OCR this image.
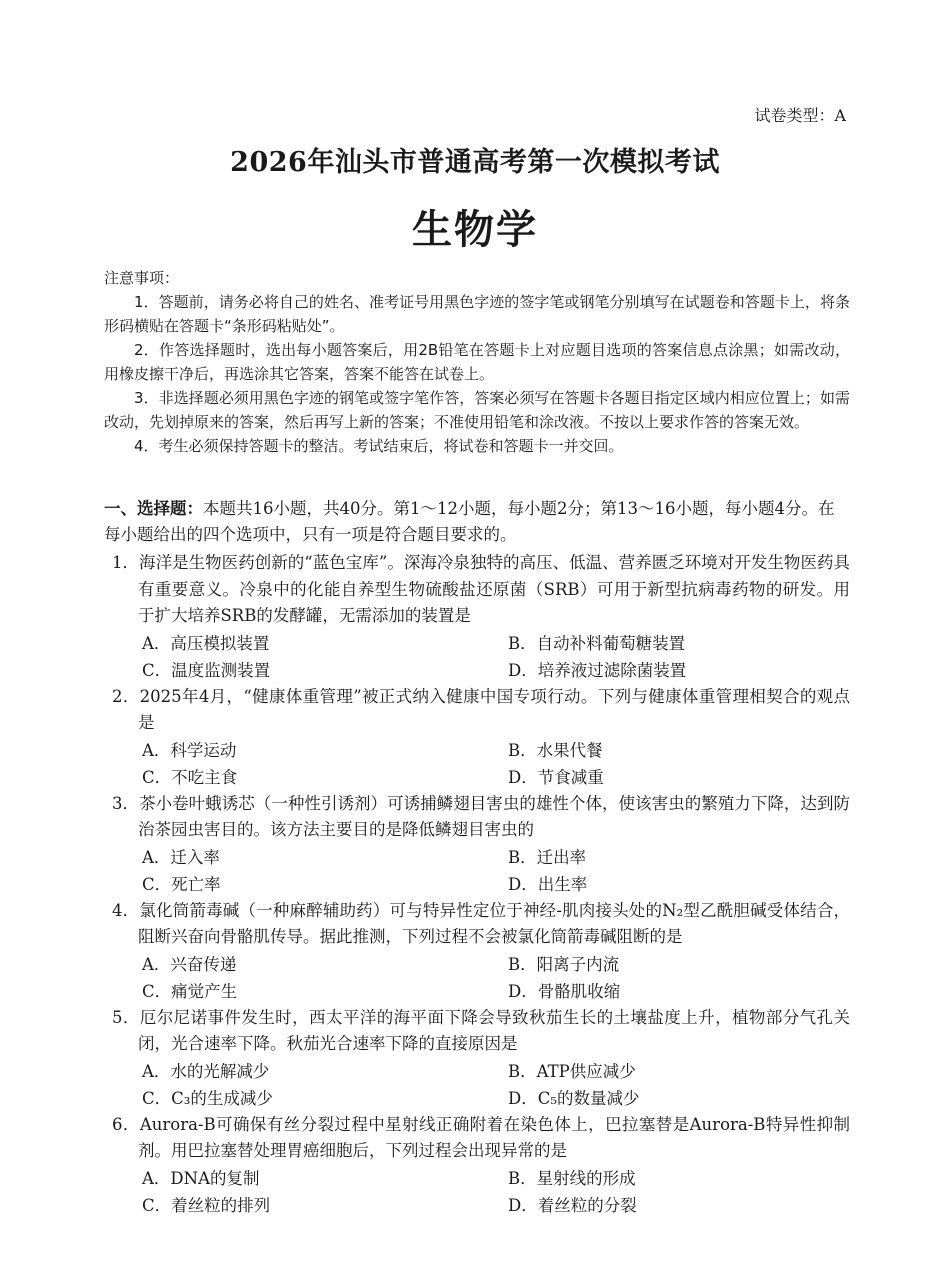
试卷类型：A
2026年汕头市普通高考第一次模拟考试
生物学
注意事项：

1．答题前，请务必将自己的姓名、准考证号用黑色字迹的签字笔或钢笔分别填写在试题卷和答题卡上，将条形码横贴在答题卡“条形码粘贴处”。

2．作答选择题时，选出每小题答案后，用2B铅笔在答题卡上对应题目选项的答案信息点涂黑；如需改动，用橡皮擦干净后，再选涂其它答案，答案不能答在试卷上。

3．非选择题必须用黑色字迹的钢笔或签字笔作答，答案必须写在答题卡各题目指定区域内相应位置上；如需改动，先划掉原来的答案，然后再写上新的答案；不准使用铅笔和涂改液。不按以上要求作答的答案无效。

4．考生必须保持答题卡的整洁。考试结束后，将试卷和答题卡一并交回。

一、选择题：本题共16小题，共40分。第1～12小题，每小题2分；第13～16小题，每小题4分。在每小题给出的四个选项中，只有一项是符合题目要求的。

1．海洋是生物医药创新的“蓝色宝库”。深海冷泉独特的高压、低温、营养匮乏环境对开发生物医药具有重要意义。冷泉中的化能自养型生物硫酸盐还原菌（SRB）可用于新型抗病毒药物的研发。用于扩大培养SRB的发酵罐，无需添加的装置是

A．高压模拟装置	B．自动补料葡萄糖装置
C．温度监测装置	D．培养液过滤除菌装置

2．2025年4月，“健康体重管理”被正式纳入健康中国专项行动。下列与健康体重管理相契合的观点是

A．科学运动	B．水果代餐
C．不吃主食	D．节食减重

3．茶小卷叶蛾诱芯（一种性引诱剂）可诱捕鳞翅目害虫的雄性个体，使该害虫的繁殖力下降，达到防治茶园虫害目的。该方法主要目的是降低鳞翅目害虫的

A．迁入率	B．迁出率
C．死亡率	D．出生率

4．氯化筒箭毒碱（一种麻醉辅助药）可与特异性定位于神经-肌肉接头处的N₂型乙酰胆碱受体结合，阻断兴奋向骨骼肌传导。据此推测，下列过程不会被氯化筒箭毒碱阻断的是

A．兴奋传递	B．阳离子内流
C．痛觉产生	D．骨骼肌收缩

5．厄尔尼诺事件发生时，西太平洋的海平面下降会导致秋茄生长的土壤盐度上升，植物部分气孔关闭，光合速率下降。秋茄光合速率下降的直接原因是

A．水的光解减少	B．ATP供应减少
C．C₃的生成减少	D．C₅的数量减少

6．Aurora-B可确保有丝分裂过程中星射线正确附着在染色体上，巴拉塞替是Aurora-B特异性抑制剂。用巴拉塞替处理胃癌细胞后，下列过程会出现异常的是

A．DNA的复制	B．星射线的形成
C．着丝粒的排列	D．着丝粒的分裂
